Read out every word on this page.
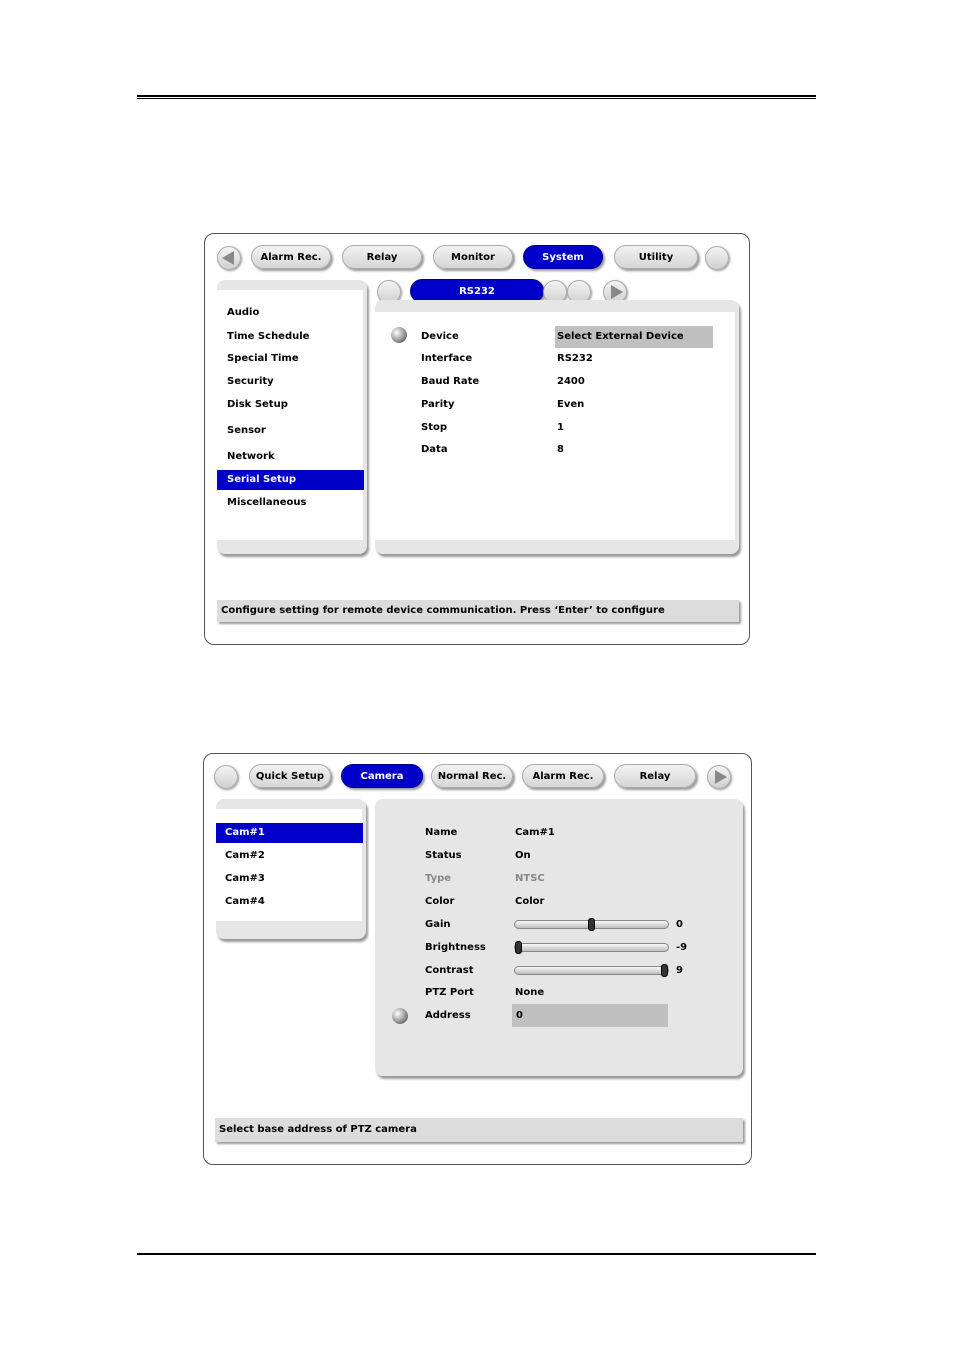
Alarm Rec.	Relay	Monitor	System	Utility
Audio
Time Schedule
Special Time
Security
Disk Setup
Sensor
Network
Serial Setup
Miscellaneous
RS232
Device	Select External Device
Interface	RS232
Baud Rate	2400
Parity	Even
Stop	1
Data	8
Configure setting for remote device communication. Press ‘Enter’ to configure
Quick Setup	Camera	Normal Rec.	Alarm Rec.	Relay
Cam#1
Cam#2
Cam#3
Cam#4
Name	Cam#1
Status	On
Type	NTSC
Color	Color
Gain	0
Brightness	-9
Contrast	9
PTZ Port	None
Address	0
Select base address of PTZ camera
